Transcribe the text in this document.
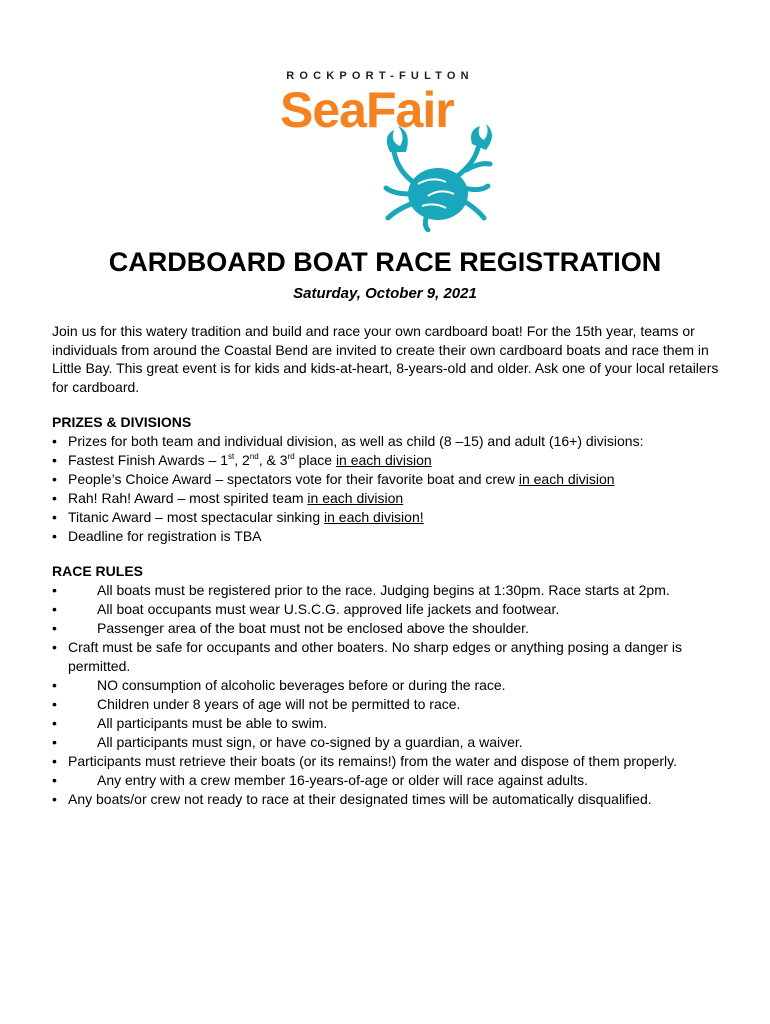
ROCKPORT-FULTON
SeaFair
CARDBOARD BOAT RACE REGISTRATION
Saturday, October 9, 2021
Join us for this watery tradition and build and race your own cardboard boat! For the 15th year, teams or individuals from around the Coastal Bend are invited to create their own cardboard boats and race them in Little Bay. This great event is for kids and kids-at-heart, 8-years-old and older. Ask one of your local retailers for cardboard.
PRIZES & DIVISIONS
• Prizes for both team and individual division, as well as child (8 –15) and adult (16+) divisions:
• Fastest Finish Awards – 1st, 2nd, & 3rd place in each division
• People’s Choice Award – spectators vote for their favorite boat and crew in each division
• Rah! Rah! Award – most spirited team in each division
• Titanic Award – most spectacular sinking in each division!
• Deadline for registration is TBA
RACE RULES
• All boats must be registered prior to the race. Judging begins at 1:30pm. Race starts at 2pm.
• All boat occupants must wear U.S.C.G. approved life jackets and footwear.
• Passenger area of the boat must not be enclosed above the shoulder.
• Craft must be safe for occupants and other boaters. No sharp edges or anything posing a danger is permitted.
• NO consumption of alcoholic beverages before or during the race.
• Children under 8 years of age will not be permitted to race.
• All participants must be able to swim.
• All participants must sign, or have co-signed by a guardian, a waiver.
• Participants must retrieve their boats (or its remains!) from the water and dispose of them properly.
• Any entry with a crew member 16-years-of-age or older will race against adults.
• Any boats/or crew not ready to race at their designated times will be automatically disqualified.
